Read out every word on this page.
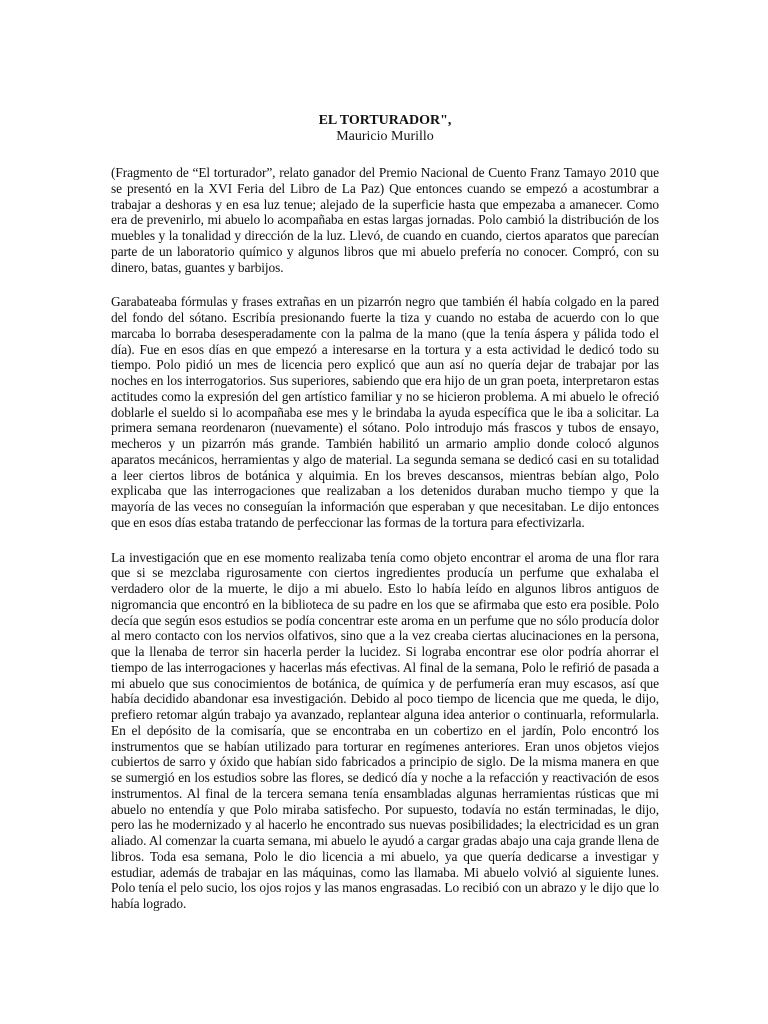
EL TORTURADOR",

Mauricio Murillo

(Fragmento de “El torturador”, relato ganador del Premio Nacional de Cuento Franz Tamayo 2010 que se presentó en la XVI Feria del Libro de La Paz) Que entonces cuando se empezó a acostumbrar a trabajar a deshoras y en esa luz tenue; alejado de la superficie hasta que empezaba a amanecer. Como era de prevenirlo, mi abuelo lo acompañaba en estas largas jornadas. Polo cambió la distribución de los muebles y la tonalidad y dirección de la luz. Llevó, de cuando en cuando, ciertos aparatos que parecían parte de un laboratorio químico y algunos libros que mi abuelo prefería no conocer. Compró, con su dinero, batas, guantes y barbijos.

Garabateaba fórmulas y frases extrañas en un pizarrón negro que también él había colgado en la pared del fondo del sótano. Escribía presionando fuerte la tiza y cuando no estaba de acuerdo con lo que marcaba lo borraba desesperadamente con la palma de la mano (que la tenía áspera y pálida todo el día). Fue en esos días en que empezó a interesarse en la tortura y a esta actividad le dedicó todo su tiempo. Polo pidió un mes de licencia pero explicó que aun así no quería dejar de trabajar por las noches en los interrogatorios. Sus superiores, sabiendo que era hijo de un gran poeta, interpretaron estas actitudes como la expresión del gen artístico familiar y no se hicieron problema. A mi abuelo le ofreció doblarle el sueldo si lo acompañaba ese mes y le brindaba la ayuda específica que le iba a solicitar. La primera semana reordenaron (nuevamente) el sótano. Polo introdujo más frascos y tubos de ensayo, mecheros y un pizarrón más grande. También habilitó un armario amplio donde colocó algunos aparatos mecánicos, herramientas y algo de material. La segunda semana se dedicó casi en su totalidad a leer ciertos libros de botánica y alquimia. En los breves descansos, mientras bebían algo, Polo explicaba que las interrogaciones que realizaban a los detenidos duraban mucho tiempo y que la mayoría de las veces no conseguían la información que esperaban y que necesitaban. Le dijo entonces que en esos días estaba tratando de perfeccionar las formas de la tortura para efectivizarla.

La investigación que en ese momento realizaba tenía como objeto encontrar el aroma de una flor rara que si se mezclaba rigurosamente con ciertos ingredientes producía un perfume que exhalaba el verdadero olor de la muerte, le dijo a mi abuelo. Esto lo había leído en algunos libros antiguos de nigromancia que encontró en la biblioteca de su padre en los que se afirmaba que esto era posible. Polo decía que según esos estudios se podía concentrar este aroma en un perfume que no sólo producía dolor al mero contacto con los nervios olfativos, sino que a la vez creaba ciertas alucinaciones en la persona, que la llenaba de terror sin hacerla perder la lucidez. Si lograba encontrar ese olor podría ahorrar el tiempo de las interrogaciones y hacerlas más efectivas. Al final de la semana, Polo le refirió de pasada a mi abuelo que sus conocimientos de botánica, de química y de perfumería eran muy escasos, así que había decidido abandonar esa investigación. Debido al poco tiempo de licencia que me queda, le dijo, prefiero retomar algún trabajo ya avanzado, replantear alguna idea anterior o continuarla, reformularla. En el depósito de la comisaría, que se encontraba en un cobertizo en el jardín, Polo encontró los instrumentos que se habían utilizado para torturar en regímenes anteriores. Eran unos objetos viejos cubiertos de sarro y óxido que habían sido fabricados a principio de siglo. De la misma manera en que se sumergió en los estudios sobre las flores, se dedicó día y noche a la refacción y reactivación de esos instrumentos. Al final de la tercera semana tenía ensambladas algunas herramientas rústicas que mi abuelo no entendía y que Polo miraba satisfecho. Por supuesto, todavía no están terminadas, le dijo, pero las he modernizado y al hacerlo he encontrado sus nuevas posibilidades; la electricidad es un gran aliado. Al comenzar la cuarta semana, mi abuelo le ayudó a cargar gradas abajo una caja grande llena de libros. Toda esa semana, Polo le dio licencia a mi abuelo, ya que quería dedicarse a investigar y estudiar, además de trabajar en las máquinas, como las llamaba. Mi abuelo volvió al siguiente lunes. Polo tenía el pelo sucio, los ojos rojos y las manos engrasadas. Lo recibió con un abrazo y le dijo que lo había logrado.
